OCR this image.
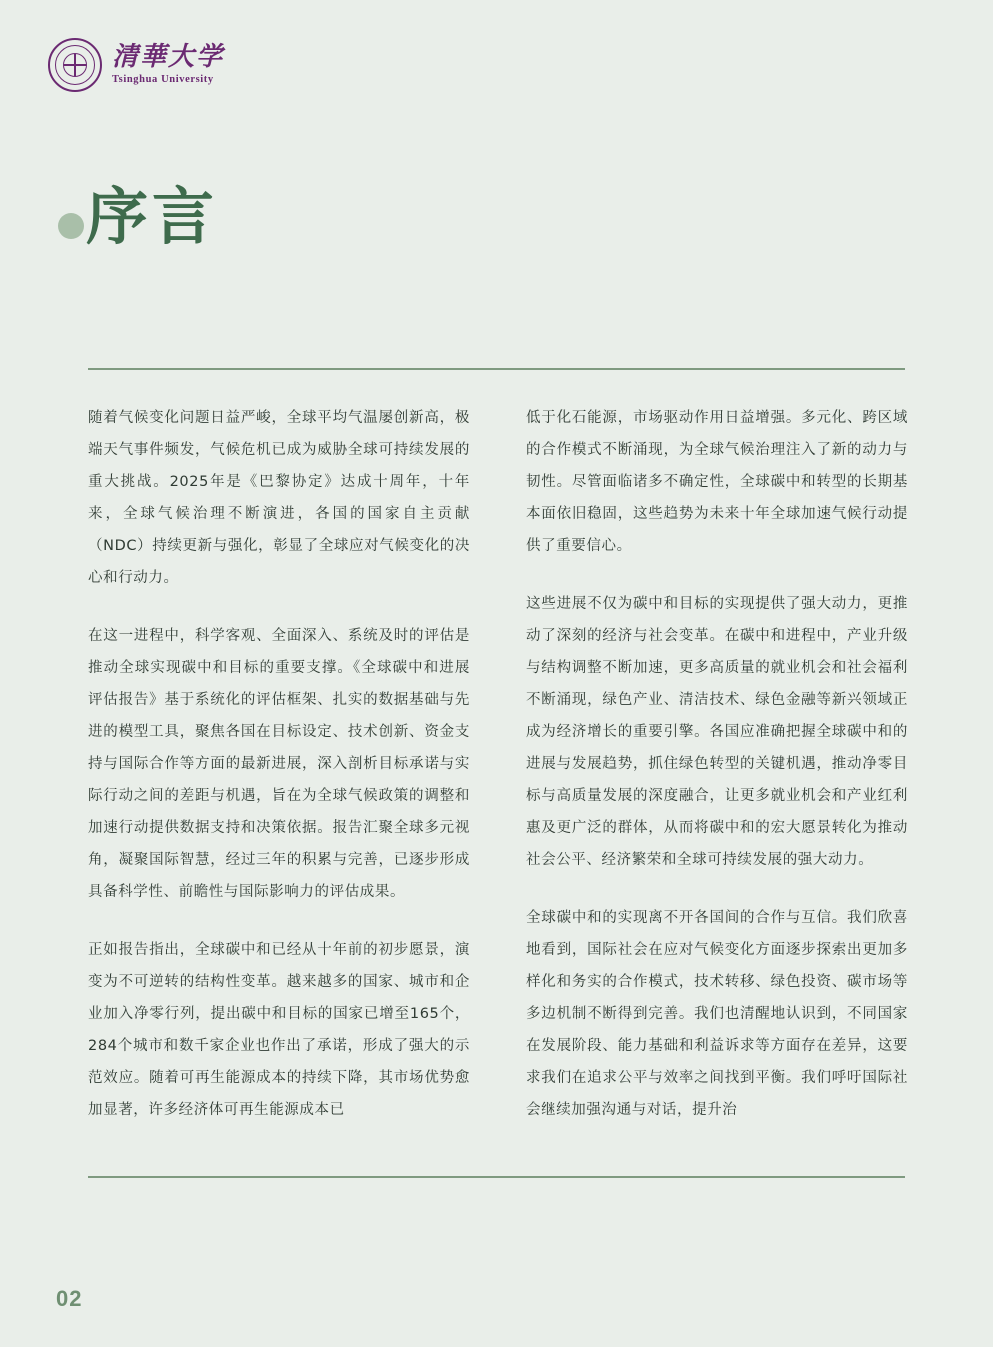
清華大学
Tsinghua University
序言

随着气候变化问题日益严峻，全球平均气温屡创新高，极端天气事件频发，气候危机已成为威胁全球可持续发展的重大挑战。2025年是《巴黎协定》达成十周年，十年来，全球气候治理不断演进，各国的国家自主贡献（NDC）持续更新与强化，彰显了全球应对气候变化的决心和行动力。

在这一进程中，科学客观、全面深入、系统及时的评估是推动全球实现碳中和目标的重要支撑。《全球碳中和进展评估报告》基于系统化的评估框架、扎实的数据基础与先进的模型工具，聚焦各国在目标设定、技术创新、资金支持与国际合作等方面的最新进展，深入剖析目标承诺与实际行动之间的差距与机遇，旨在为全球气候政策的调整和加速行动提供数据支持和决策依据。报告汇聚全球多元视角，凝聚国际智慧，经过三年的积累与完善，已逐步形成具备科学性、前瞻性与国际影响力的评估成果。

正如报告指出，全球碳中和已经从十年前的初步愿景，演变为不可逆转的结构性变革。越来越多的国家、城市和企业加入净零行列，提出碳中和目标的国家已增至165个，284个城市和数千家企业也作出了承诺，形成了强大的示范效应。随着可再生能源成本的持续下降，其市场优势愈加显著，许多经济体可再生能源成本已

低于化石能源，市场驱动作用日益增强。多元化、跨区域的合作模式不断涌现，为全球气候治理注入了新的动力与韧性。尽管面临诸多不确定性，全球碳中和转型的长期基本面依旧稳固，这些趋势为未来十年全球加速气候行动提供了重要信心。

这些进展不仅为碳中和目标的实现提供了强大动力，更推动了深刻的经济与社会变革。在碳中和进程中，产业升级与结构调整不断加速，更多高质量的就业机会和社会福利不断涌现，绿色产业、清洁技术、绿色金融等新兴领域正成为经济增长的重要引擎。各国应准确把握全球碳中和的进展与发展趋势，抓住绿色转型的关键机遇，推动净零目标与高质量发展的深度融合，让更多就业机会和产业红利惠及更广泛的群体，从而将碳中和的宏大愿景转化为推动社会公平、经济繁荣和全球可持续发展的强大动力。

全球碳中和的实现离不开各国间的合作与互信。我们欣喜地看到，国际社会在应对气候变化方面逐步探索出更加多样化和务实的合作模式，技术转移、绿色投资、碳市场等多边机制不断得到完善。我们也清醒地认识到，不同国家在发展阶段、能力基础和利益诉求等方面存在差异，这要求我们在追求公平与效率之间找到平衡。我们呼吁国际社会继续加强沟通与对话，提升治

02
